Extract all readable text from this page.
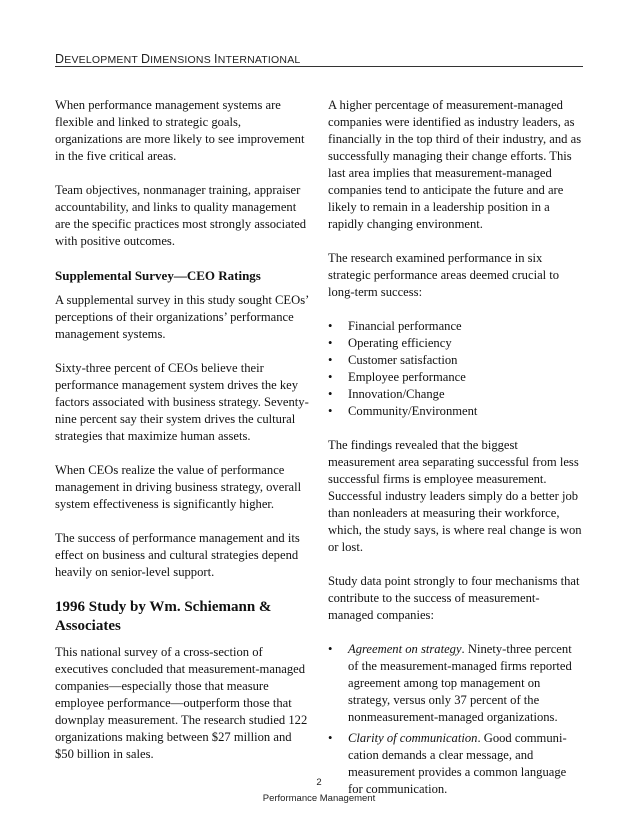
DEVELOPMENT DIMENSIONS INTERNATIONAL

When performance management systems are flexible and linked to strategic goals, organizations are more likely to see improvement in the five critical areas.

Team objectives, nonmanager training, appraiser accountability, and links to quality management are the specific practices most strongly associated with positive outcomes.

Supplemental Survey—CEO Ratings

A supplemental survey in this study sought CEOs’ perceptions of their organizations’ performance management systems.

Sixty-three percent of CEOs believe their performance management system drives the key factors associated with business strategy. Seventy-nine percent say their system drives the cultural strategies that maximize human assets.

When CEOs realize the value of performance management in driving business strategy, overall system effectiveness is significantly higher.

The success of performance management and its effect on business and cultural strategies depend heavily on senior-level support.

1996 Study by Wm. Schiemann & Associates

This national survey of a cross-section of executives concluded that measurement-managed companies—especially those that measure employee performance—outperform those that downplay measurement. The research studied 122 organizations making between $27 million and $50 billion in sales.

A higher percentage of measurement-managed companies were identified as industry leaders, as financially in the top third of their industry, and as successfully managing their change efforts. This last area implies that measurement-managed companies tend to anticipate the future and are likely to remain in a leadership position in a rapidly changing environment.

The research examined performance in six strategic performance areas deemed crucial to long-term success:

• Financial performance
• Operating efficiency
• Customer satisfaction
• Employee performance
• Innovation/Change
• Community/Environment

The findings revealed that the biggest measurement area separating successful from less successful firms is employee measurement. Successful industry leaders simply do a better job than nonleaders at measuring their workforce, which, the study says, is where real change is won or lost.

Study data point strongly to four mechanisms that contribute to the success of measurement-managed companies:

• Agreement on strategy. Ninety-three percent of the measurement-managed firms reported agreement among top management on strategy, versus only 37 percent of the nonmeasurement-managed organizations.
• Clarity of communication. Good communi-cation demands a clear message, and measurement provides a common language for communication.
2
Performance Management
